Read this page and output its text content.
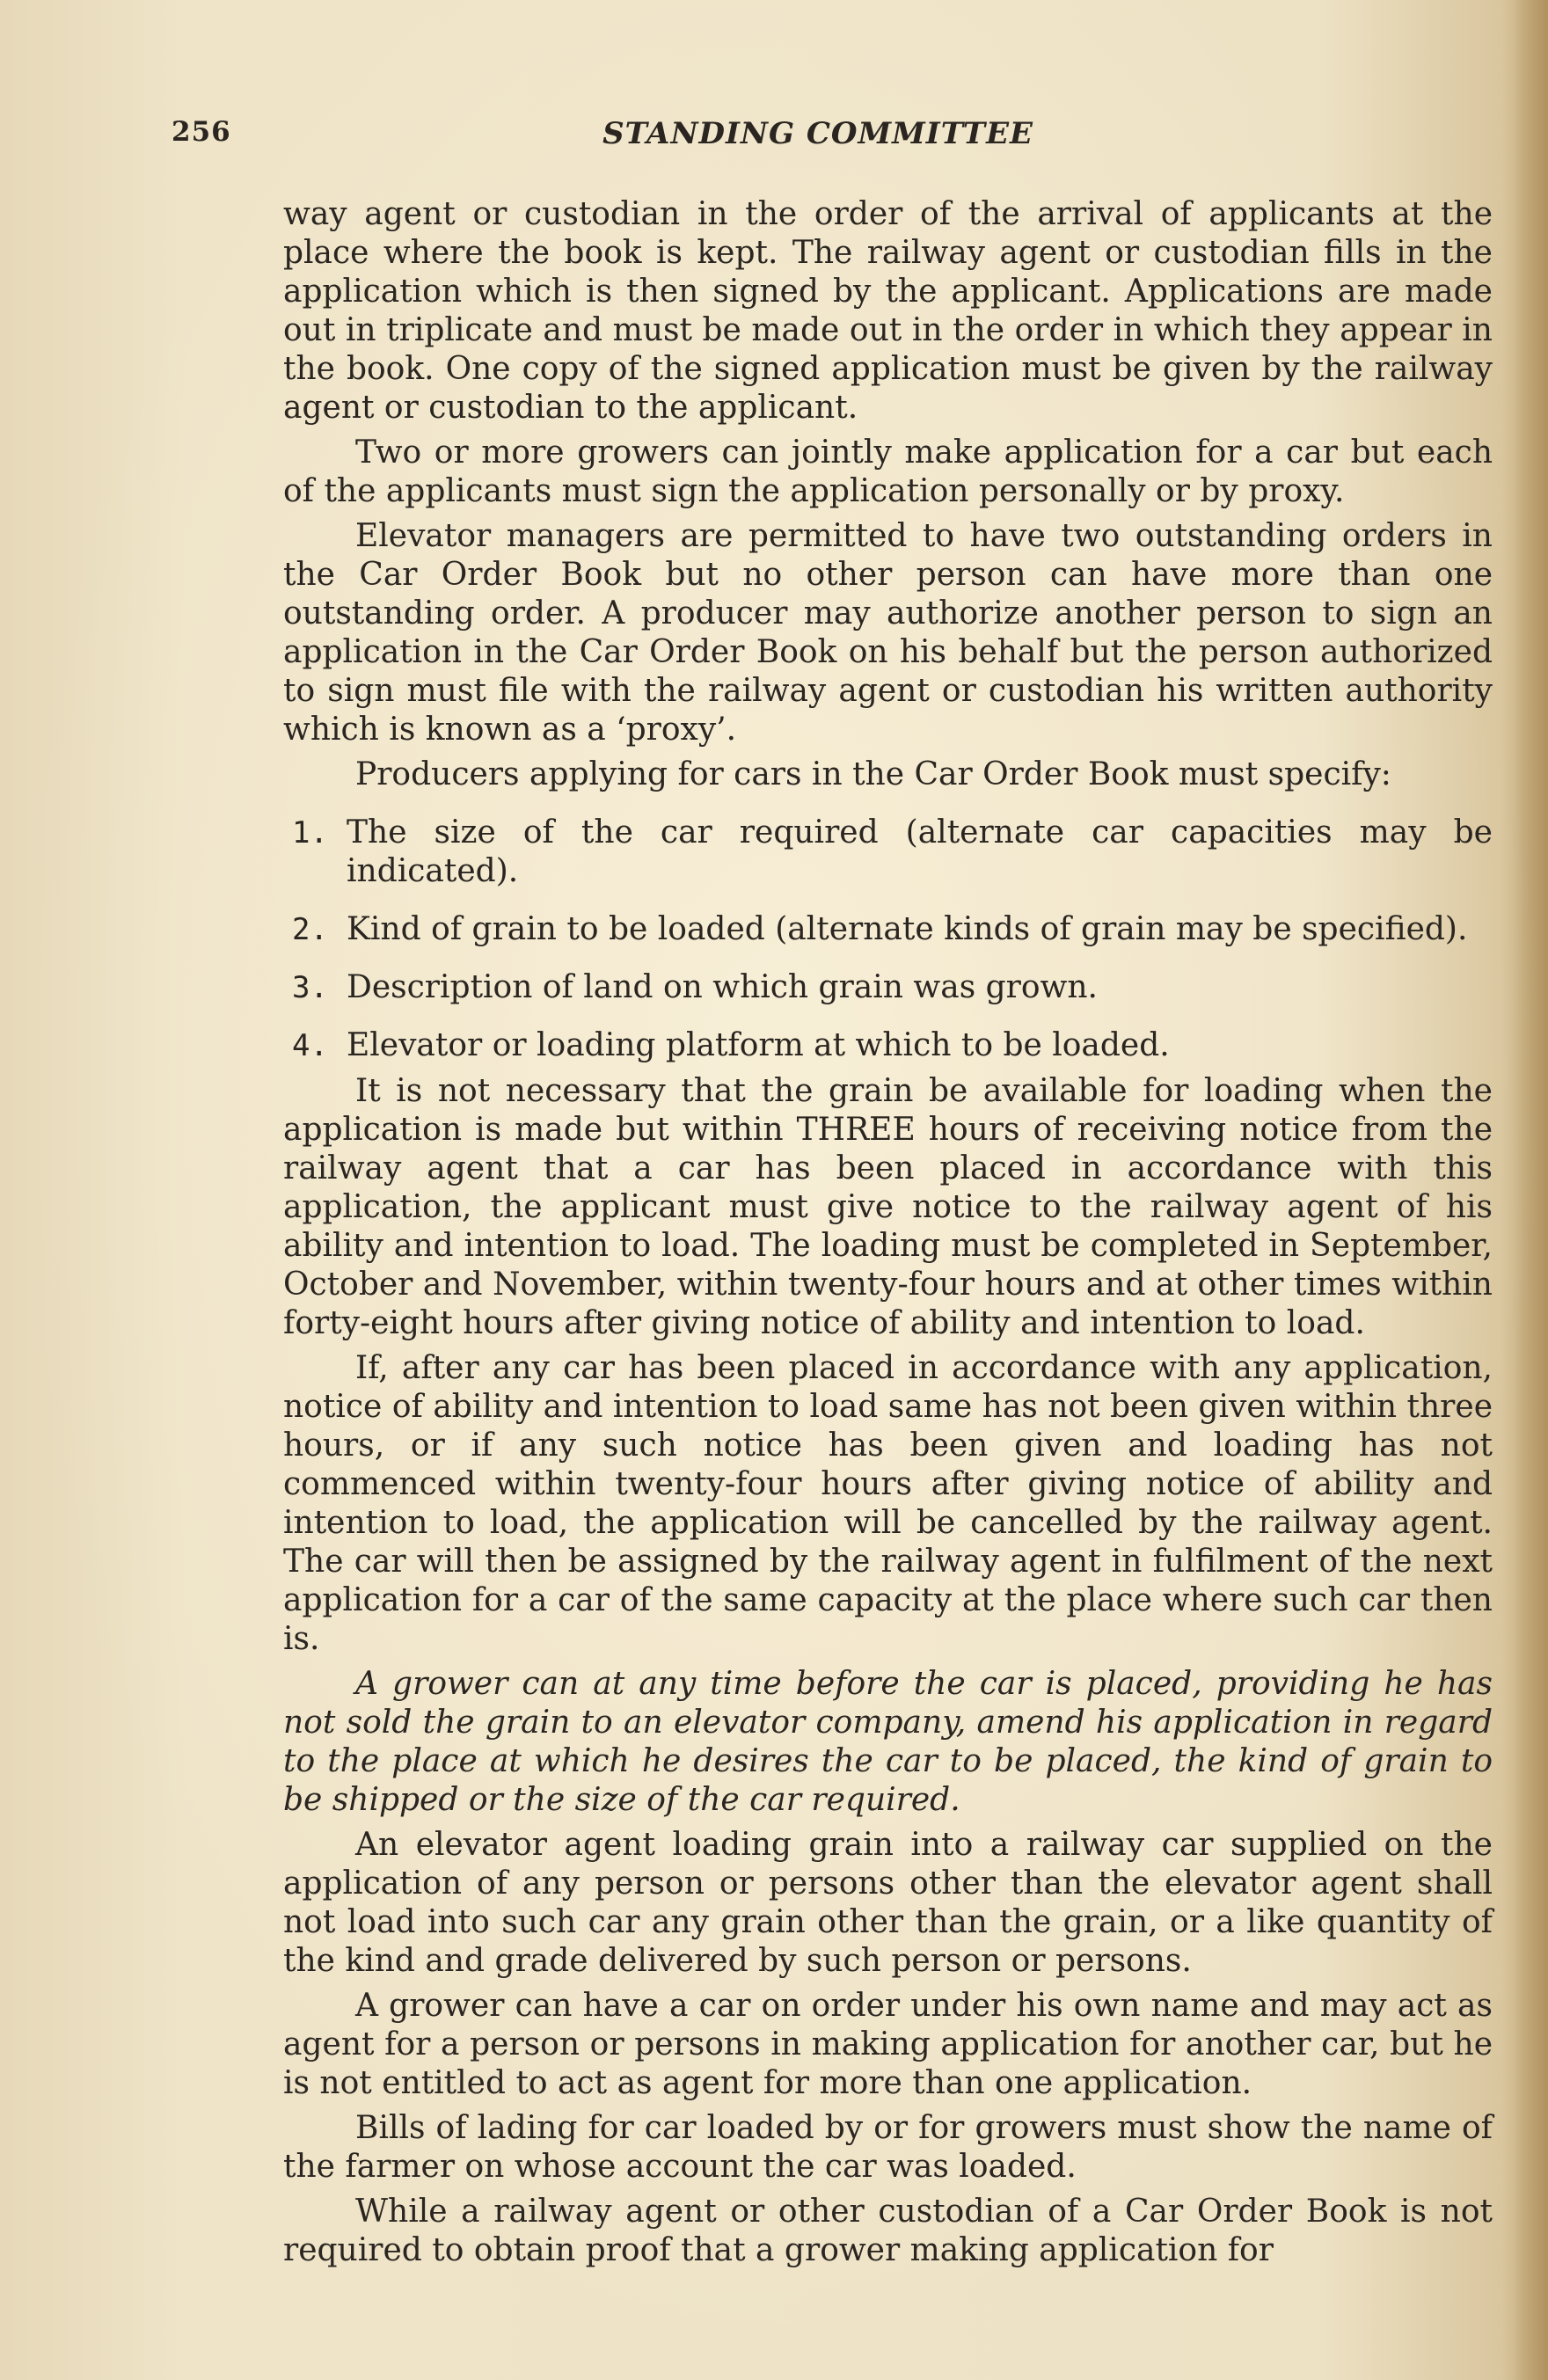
256	STANDING COMMITTEE

way agent or custodian in the order of the arrival of applicants at the place where the book is kept. The railway agent or custodian fills in the application which is then signed by the applicant. Applications are made out in triplicate and must be made out in the order in which they appear in the book. One copy of the signed application must be given by the railway agent or custodian to the applicant.

Two or more growers can jointly make application for a car but each of the applicants must sign the application personally or by proxy.

Elevator managers are permitted to have two outstanding orders in the Car Order Book but no other person can have more than one outstanding order. A producer may authorize another person to sign an application in the Car Order Book on his behalf but the person authorized to sign must file with the railway agent or custodian his written authority which is known as a ‘proxy’.

Producers applying for cars in the Car Order Book must specify:

1. The size of the car required (alternate car capacities may be indicated).
2. Kind of grain to be loaded (alternate kinds of grain may be specified).
3. Description of land on which grain was grown.
4. Elevator or loading platform at which to be loaded.

It is not necessary that the grain be available for loading when the application is made but within THREE hours of receiving notice from the railway agent that a car has been placed in accordance with this application, the applicant must give notice to the railway agent of his ability and intention to load. The loading must be completed in September, October and November, within twenty-four hours and at other times within forty-eight hours after giving notice of ability and intention to load.

If, after any car has been placed in accordance with any application, notice of ability and intention to load same has not been given within three hours, or if any such notice has been given and loading has not commenced within twenty-four hours after giving notice of ability and intention to load, the application will be cancelled by the railway agent. The car will then be assigned by the railway agent in fulfilment of the next application for a car of the same capacity at the place where such car then is.

A grower can at any time before the car is placed, providing he has not sold the grain to an elevator company, amend his application in regard to the place at which he desires the car to be placed, the kind of grain to be shipped or the size of the car required.

An elevator agent loading grain into a railway car supplied on the application of any person or persons other than the elevator agent shall not load into such car any grain other than the grain, or a like quantity of the kind and grade delivered by such person or persons.

A grower can have a car on order under his own name and may act as agent for a person or persons in making application for another car, but he is not entitled to act as agent for more than one application.

Bills of lading for car loaded by or for growers must show the name of the farmer on whose account the car was loaded.

While a railway agent or other custodian of a Car Order Book is not required to obtain proof that a grower making application for
